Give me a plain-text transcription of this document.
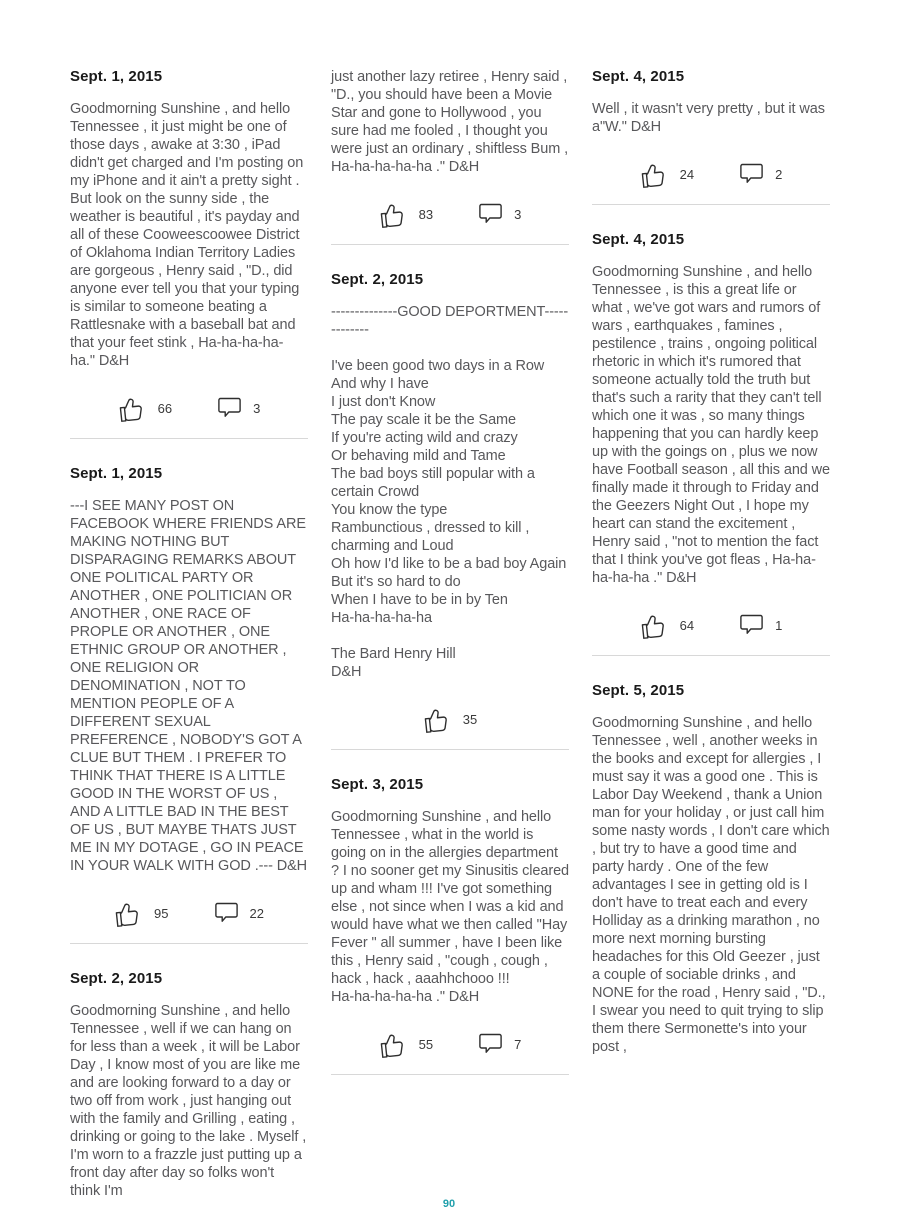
Sept. 1, 2015
Goodmorning Sunshine , and hello Tennessee , it just might be one of those days , awake at 3:30 , iPad didn't get charged and I'm posting on my iPhone and it ain't a pretty sight . But look on the sunny side , the weather is beautiful , it's payday and all of these Cooweescoowee District of Oklahoma Indian Territory Ladies are gorgeous , Henry said , "D., did anyone ever tell you that your typing is similar to someone beating a Rattlesnake with a baseball bat and that your feet stink , Ha-ha-ha-ha-ha." D&H
66	3
Sept. 1, 2015
---I SEE MANY POST ON FACEBOOK WHERE FRIENDS ARE MAKING NOTHING BUT DISPARAGING REMARKS ABOUT ONE POLITICAL PARTY OR ANOTHER , ONE POLITICIAN OR ANOTHER , ONE RACE OF PROPLE OR ANOTHER , ONE ETHNIC GROUP OR ANOTHER , ONE RELIGION OR DENOMINATION , NOT TO MENTION PEOPLE OF A DIFFERENT SEXUAL PREFERENCE , NOBODY'S GOT A CLUE BUT THEM . I PREFER TO THINK THAT THERE IS A LITTLE GOOD IN THE WORST OF US , AND A LITTLE BAD IN THE BEST OF US , BUT MAYBE THATS JUST ME IN MY DOTAGE , GO IN PEACE IN YOUR WALK WITH GOD .--- D&H
95	22
Sept. 2, 2015
Goodmorning Sunshine , and hello Tennessee , well if we can hang on for less than a week , it will be Labor Day , I know most of you are like me and are looking forward to a day or two off from work , just hanging out with the family and Grilling , eating , drinking or going to the lake . Myself , I'm worn to a frazzle just putting up a front day after day so folks won't think I'm
just another lazy retiree , Henry said , "D., you should have been a Movie Star and gone to Hollywood , you sure had me fooled , I thought you were just an ordinary , shiftless Bum , Ha-ha-ha-ha-ha ." D&H
83	3
Sept. 2, 2015
--------------GOOD DEPORTMENT-------------
I've been good two days in a Row
And why I have
I just don't Know
The pay scale it be the Same
If you're acting wild and crazy
Or behaving mild and Tame
The bad boys still popular with a certain Crowd
You know the type
Rambunctious , dressed to kill , charming and Loud
Oh how I'd like to be a bad boy Again
But it's so hard to do
When I have to be in by Ten
Ha-ha-ha-ha-ha
The Bard Henry Hill
D&H
35
Sept. 3, 2015
Goodmorning Sunshine , and hello Tennessee , what in the world is going on in the allergies department ? I no sooner get my Sinusitis cleared up and wham !!! I've got something else , not since when I was a kid and would have what we then called "Hay Fever " all summer , have I been like this , Henry said , "cough , cough , hack , hack , aaahhchooo !!!
Ha-ha-ha-ha-ha ." D&H
55	7
Sept. 4, 2015
Well , it wasn't very pretty , but it was a"W." D&H
24	2
Sept. 4, 2015
Goodmorning Sunshine , and hello Tennessee , is this a great life or what , we've got wars and rumors of wars , earthquakes , famines , pestilence , trains , ongoing political rhetoric in which it's rumored that someone actually told the truth but that's such a rarity that they can't tell which one it was , so many things happening that you can hardly keep up with the goings on , plus we now have Football season , all this and we finally made it through to Friday and the Geezers Night Out , I hope my heart can stand the excitement , Henry said , "not to mention the fact that I think you've got fleas , Ha-ha-ha-ha-ha ." D&H
64	1
Sept. 5, 2015
Goodmorning Sunshine , and hello Tennessee , well , another weeks in the books and except for allergies , I must say it was a good one . This is Labor Day Weekend , thank a Union man for your holiday , or just call him some nasty words , I don't care which , but try to have a good time and party hardy . One of the few advantages I see in getting old is I don't have to treat each and every Holliday as a drinking marathon , no more next morning bursting headaches for this Old Geezer , just a couple of sociable drinks , and NONE for the road , Henry said , "D., I swear you need to quit trying to slip them there Sermonette's into your post ,
90
